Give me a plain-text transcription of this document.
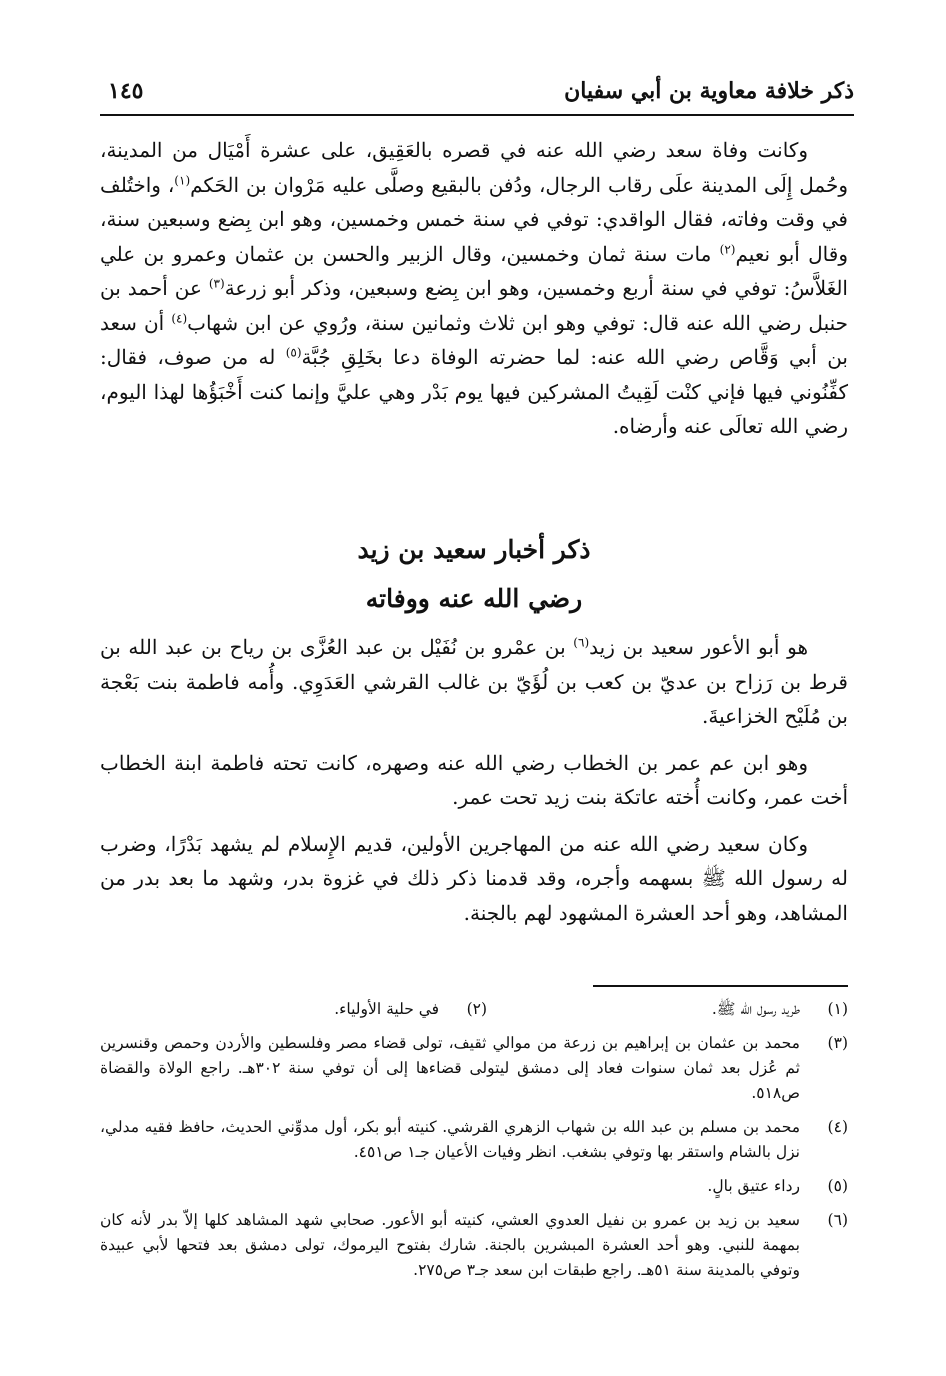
ذكر خلافة معاوية بن أبي سفيان
١٤٥

وكانت وفاة سعد رضي الله عنه في قصره بالعَقِيق، على عشرة أَمْيَال من المدينة، وحُمل إِلَى المدينة علَى رقاب الرجال، ودُفن بالبقيع وصلَّى عليه مَرْوان بن الحَكم$^{(١)}$، واختُلف في وقت وفاته، فقال الواقدي: توفي في سنة خمس وخمسين، وهو ابن بِضع وسبعين سنة، وقال أبو نعيم$^{(٢)}$ مات سنة ثمان وخمسين، وقال الزبير والحسن بن عثمان وعمرو بن علي الغَلاَّسُ: توفي في سنة أربع وخمسين، وهو ابن بِضع وسبعين، وذكر أبو زرعة$^{(٣)}$ عن أحمد بن حنبل رضي الله عنه قال: توفي وهو ابن ثلاث وثمانين سنة، ورُوي عن ابن شهاب$^{(٤)}$ أن سعد بن أبي وَقَّاص رضي الله عنه: لما حضرته الوفاة دعا بخَلِقِ جُبَّة$^{(٥)}$ له من صوف، فقال: كفِّنُوني فيها فإني كنْت لَقِيتُ المشركين فيها يوم بَدْر وهي عليَّ وإنما كنت أَخْبَؤُها لهذا اليوم، رضي الله تعالَى عنه وأرضاه.

ذكر أخبار سعيد بن زيد
رضي الله عنه ووفاته

هو أبو الأعور سعيد بن زيد$^{(٦)}$ بن عمْرو بن نُفَيْل بن عبد العُزَّى بن رياح بن عبد الله بن قرط بن رَزاح بن عديّ بن كعب بن لُؤَيّ بن غالب القرشي العَدَوِي. وأُمه فاطمة بنت بَعْجة بن مُلَيْح الخزاعيةَ.

وهو ابن عم عمر بن الخطاب رضي الله عنه وصهره، كانت تحته فاطمة ابنة الخطاب أخت عمر، وكانت أُخته عاتكة بنت زيد تحت عمر.

وكان سعيد رضي الله عنه من المهاجرين الأولين، قديم الإِسلام لم يشهد بَدْرًا، وضرب له رسول الله ﷺ بسهمه وأجره، وقد قدمنا ذكر ذلك في غزوة بدر، وشهد ما بعد بدر من المشاهد، وهو أحد العشرة المشهود لهم بالجنة.

(١)
طريد رسول الله ﷺ.
(٢)
في حلية الأولياء.
(٣)
محمد بن عثمان بن إبراهيم بن زرعة من موالي ثقيف، تولى قضاء مصر وفلسطين والأردن وحمص وقنسرين ثم عُزل بعد ثمان سنوات فعاد إلى دمشق ليتولى قضاءها إلى أن توفي سنة ٣٠٢هـ. راجع الولاة والقضاة ص٥١٨.
(٤)
محمد بن مسلم بن عبد الله بن شهاب الزهري القرشي. كنيته أبو بكر، أول مدوِّني الحديث، حافظ فقيه مدلي، نزل بالشام واستقر بها وتوفي بشغب. انظر وفيات الأعيان جـ١ ص٤٥١.
(٥)
رداء عتيق بالٍ.
(٦)
سعيد بن زيد بن عمرو بن نفيل العدوي العشي، كنيته أبو الأعور. صحابي شهد المشاهد كلها إلاّ بدر لأنه كان بمهمة للنبي. وهو أحد العشرة المبشرين بالجنة. شارك بفتوح اليرموك، تولى دمشق بعد فتحها لأبي عبيدة وتوفي بالمدينة سنة ٥١هـ. راجع طبقات ابن سعد جـ٣ ص٢٧٥.
